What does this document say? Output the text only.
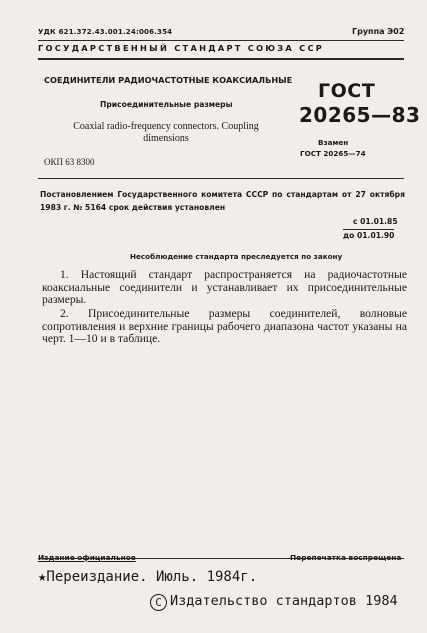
УДК 621.372.43.001.24:006.354	Группа Э02
ГОСУДАРСТВЕННЫЙ СТАНДАРТ СОЮЗА ССР
СОЕДИНИТЕЛИ РАДИОЧАСТОТНЫЕ КОАКСИАЛЬНЫЕ
Присоединительные размеры
Coaxial radio-frequency connectors. Coupling dimensions
ОКП 63 8300
ГОСТ
20265—83
Взамен
ГОСТ 20265—74
Постановлением Государственного комитета СССР по стандартам от 27 октября 1983 г. № 5164 срок действия установлен
с 01.01.85
до 01.01.90
Несоблюдение стандарта преследуется по закону
1. Настоящий стандарт распространяется на радиочастотные коаксиальные соединители и устанавливает их присоединительные размеры.
2. Присоединительные размеры соединителей, волновые сопротивления и верхние границы рабочего диапазона частот указаны на черт. 1—10 и в таблице.
★Переиздание. Июль. 1984г.
С Издательство стандартов 1984
